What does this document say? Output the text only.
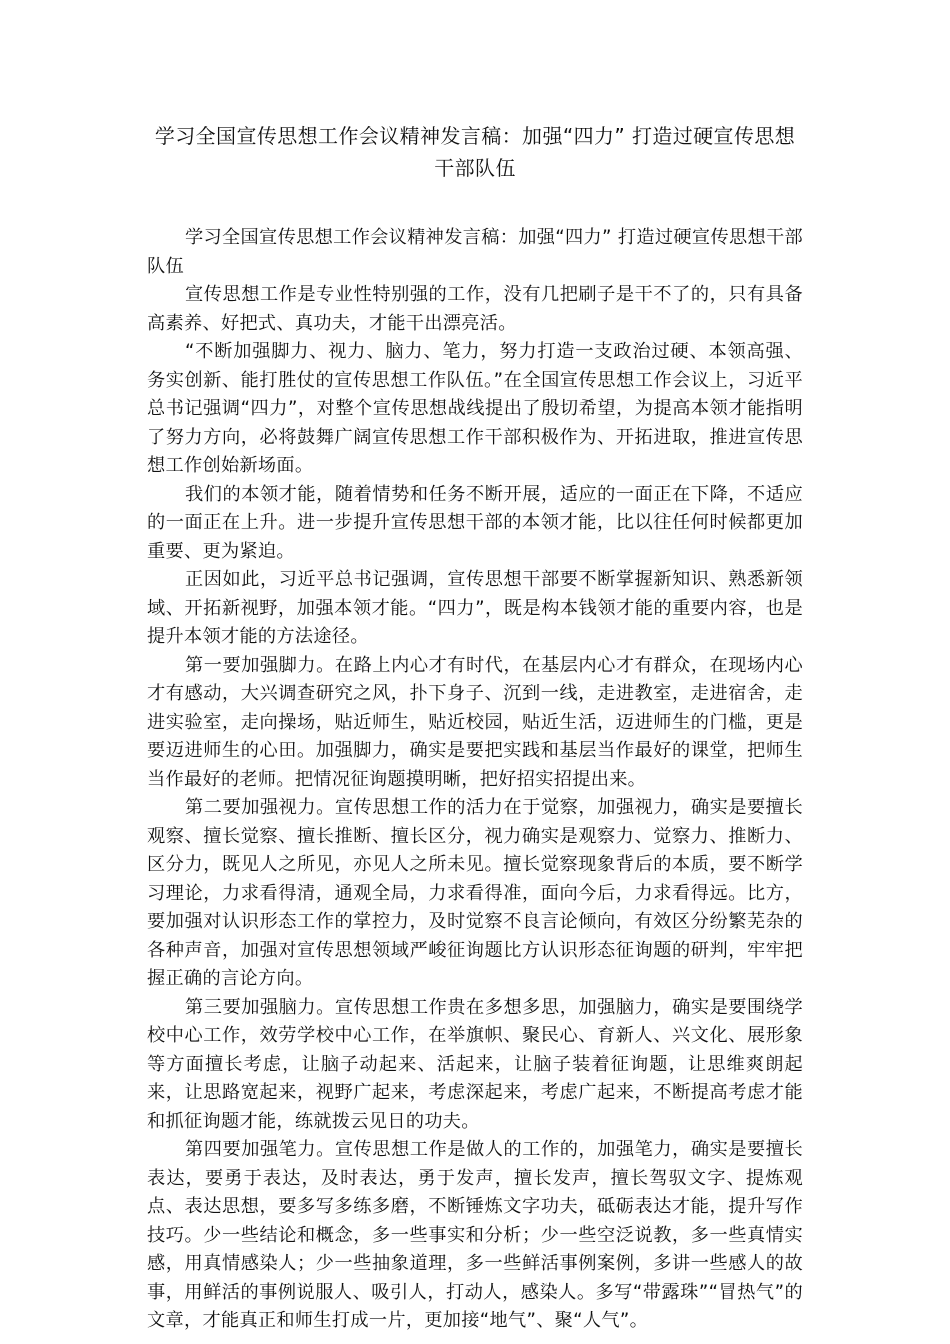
学习全国宣传思想工作会议精神发言稿：加强“四力” 打造过硬宣传思想干部队伍

学习全国宣传思想工作会议精神发言稿：加强“四力” 打造过硬宣传思想干部队伍

宣传思想工作是专业性特别强的工作，没有几把刷子是干不了的，只有具备高素养、好把式、真功夫，才能干出漂亮活。

“不断加强脚力、视力、脑力、笔力，努力打造一支政治过硬、本领高强、务实创新、能打胜仗的宣传思想工作队伍。”在全国宣传思想工作会议上，习近平总书记强调“四力”，对整个宣传思想战线提出了殷切希望，为提高本领才能指明了努力方向，必将鼓舞广阔宣传思想工作干部积极作为、开拓进取，推进宣传思想工作创始新场面。

我们的本领才能，随着情势和任务不断开展，适应的一面正在下降，不适应的一面正在上升。进一步提升宣传思想干部的本领才能，比以往任何时候都更加重要、更为紧迫。

正因如此，习近平总书记强调，宣传思想干部要不断掌握新知识、熟悉新领域、开拓新视野，加强本领才能。“四力”，既是构本钱领才能的重要内容，也是提升本领才能的方法途径。

第一要加强脚力。在路上内心才有时代，在基层内心才有群众，在现场内心才有感动，大兴调查研究之风，扑下身子、沉到一线，走进教室，走进宿舍，走进实验室，走向操场，贴近师生，贴近校园，贴近生活，迈进师生的门槛，更是要迈进师生的心田。加强脚力，确实是要把实践和基层当作最好的课堂，把师生当作最好的老师。把情况征询题摸明晰，把好招实招提出来。

第二要加强视力。宣传思想工作的活力在于觉察，加强视力，确实是要擅长观察、擅长觉察、擅长推断、擅长区分，视力确实是观察力、觉察力、推断力、区分力，既见人之所见，亦见人之所未见。擅长觉察现象背后的本质，要不断学习理论，力求看得清，通观全局，力求看得准，面向今后，力求看得远。比方，要加强对认识形态工作的掌控力，及时觉察不良言论倾向，有效区分纷繁芜杂的各种声音，加强对宣传思想领域严峻征询题比方认识形态征询题的研判，牢牢把握正确的言论方向。

第三要加强脑力。宣传思想工作贵在多想多思，加强脑力，确实是要围绕学校中心工作，效劳学校中心工作，在举旗帜、聚民心、育新人、兴文化、展形象等方面擅长考虑，让脑子动起来、活起来，让脑子装着征询题，让思维爽朗起来，让思路宽起来，视野广起来，考虑深起来，考虑广起来，不断提高考虑才能和抓征询题才能，练就拨云见日的功夫。

第四要加强笔力。宣传思想工作是做人的工作的，加强笔力，确实是要擅长表达，要勇于表达，及时表达，勇于发声，擅长发声，擅长驾驭文字、提炼观点、表达思想，要多写多练多磨，不断锤炼文字功夫，砥砺表达才能，提升写作技巧。少一些结论和概念，多一些事实和分析；少一些空泛说教，多一些真情实感，用真情感染人；少一些抽象道理，多一些鲜活事例案例，多讲一些感人的故事，用鲜活的事例说服人、吸引人，打动人，感染人。多写“带露珠”“冒热气”的文章，才能真正和师生打成一片，更加接“地气”、聚“人气”。
